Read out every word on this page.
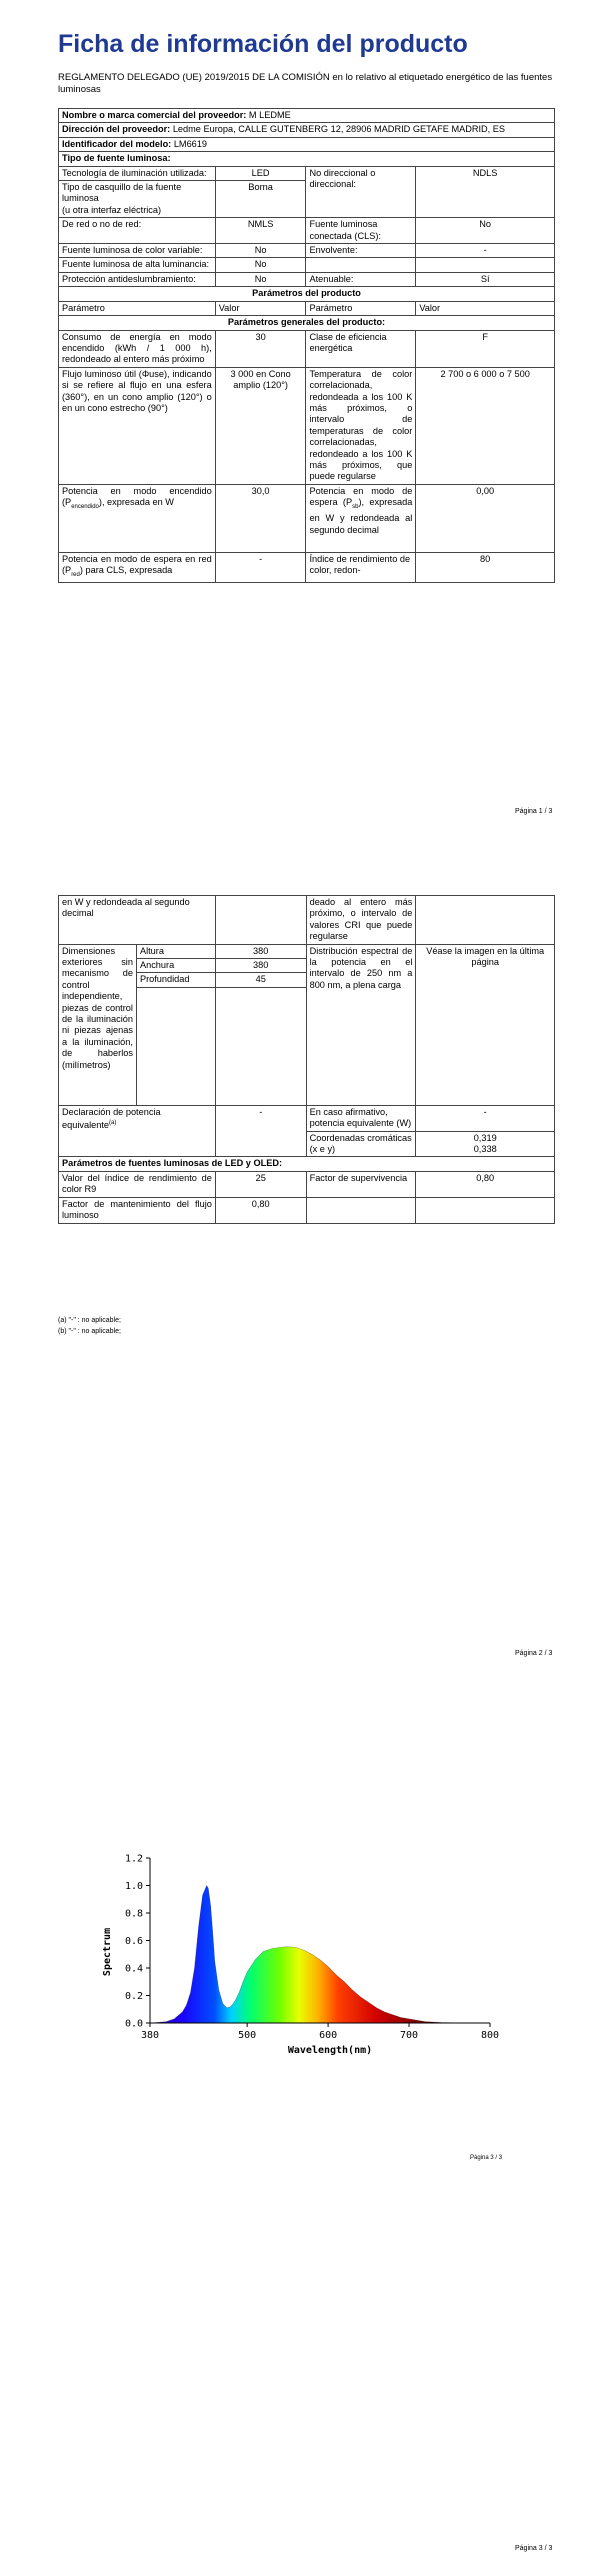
Ficha de información del producto
REGLAMENTO DELEGADO (UE) 2019/2015 DE LA COMISIÓN en lo relativo al etiquetado energético de las fuentes luminosas
Nombre o marca comercial del proveedor: M LEDME			
Dirección del proveedor: Ledme Europa, CALLE GUTENBERG 12, 28906 MADRID GETAFE MADRID, ES			
Identificador del modelo: LM6619			
Tipo de fuente luminosa:			
Tecnología de iluminación utilizada:	LED	No direccional o direccional:	NDLS

Tipo de casquillo de la fuente luminosa
(u otra interfaz eléctrica)	Borna		
De red o no de red:	NMLS	Fuente luminosa conectada (CLS):	No
Fuente luminosa de color variable:	No	Envolvente:	-
Fuente luminosa de alta luminancia:	No		
Protección antideslumbramiento:	No	Atenuable:	Sí
Parámetros del producto			
Parámetro	Valor	Parámetro	Valor
Parámetros generales del producto:			
Consumo de energía en modo encendido (kWh / 1 000 h), redondeado al entero más próximo	30	Clase de eficiencia energética	F
Flujo luminoso útil (Φuse), indicando si se refiere al flujo en una esfera (360°), en un cono amplio (120°) o en un cono estrecho (90°)	3 000 en Cono amplio (120°)	Temperatura de color correlacionada, redondeada a los 100 K más próximos, o intervalo de temperaturas de color correlacionadas, redondeado a los 100 K más próximos, que puede regularse	2 700 o 6 000 o 7 500
Potencia en modo encendido $(P_{encendido})$, expresada en W	30,0	Potencia en modo de espera $(P_{sb})$, expresada en W y redondeada al segundo decimal	0,00
Potencia en modo de espera en red $(P_{red})$ para CLS, expresada	-	Índice de rendimiento de color, redon-	80
Página 1 / 3
en W y redondeada al segundo decimal			deado al entero más próximo, o intervalo de valores CRI que puede regularse	
Dimensiones exteriores sin mecanismo de control independiente, piezas de control de la iluminación ni piezas ajenas a la iluminación, de haberlos (milímetros)	Altura	380	Distribución espectral de la potencia en el intervalo de 250 nm a 800 nm, a plena carga	Véase la imagen en la última página
	Anchura	380		
	Profundidad	45		

Declaración de potencia equivalente$^{(a)}$		-	En caso afirmativo, potencia equivalente (W)	-
			Coordenadas cromáticas (x e y)	0,319
0,338

Parámetros de fuentes luminosas de LED y OLED:				
Valor del índice de rendimiento de color R9		25	Factor de supervivencia	0,80
Factor de mantenimiento del flujo luminoso		0,80		
(a) "-" : no aplicable;
(b) "-" : no aplicable;
Página 2 / 3
0.0
0.2
0.4
0.6
0.8
1.0
1.2
380	500	600	700	800
Spectrum
Wavelength(nm)
Página 3 / 3
Página 3 / 3
